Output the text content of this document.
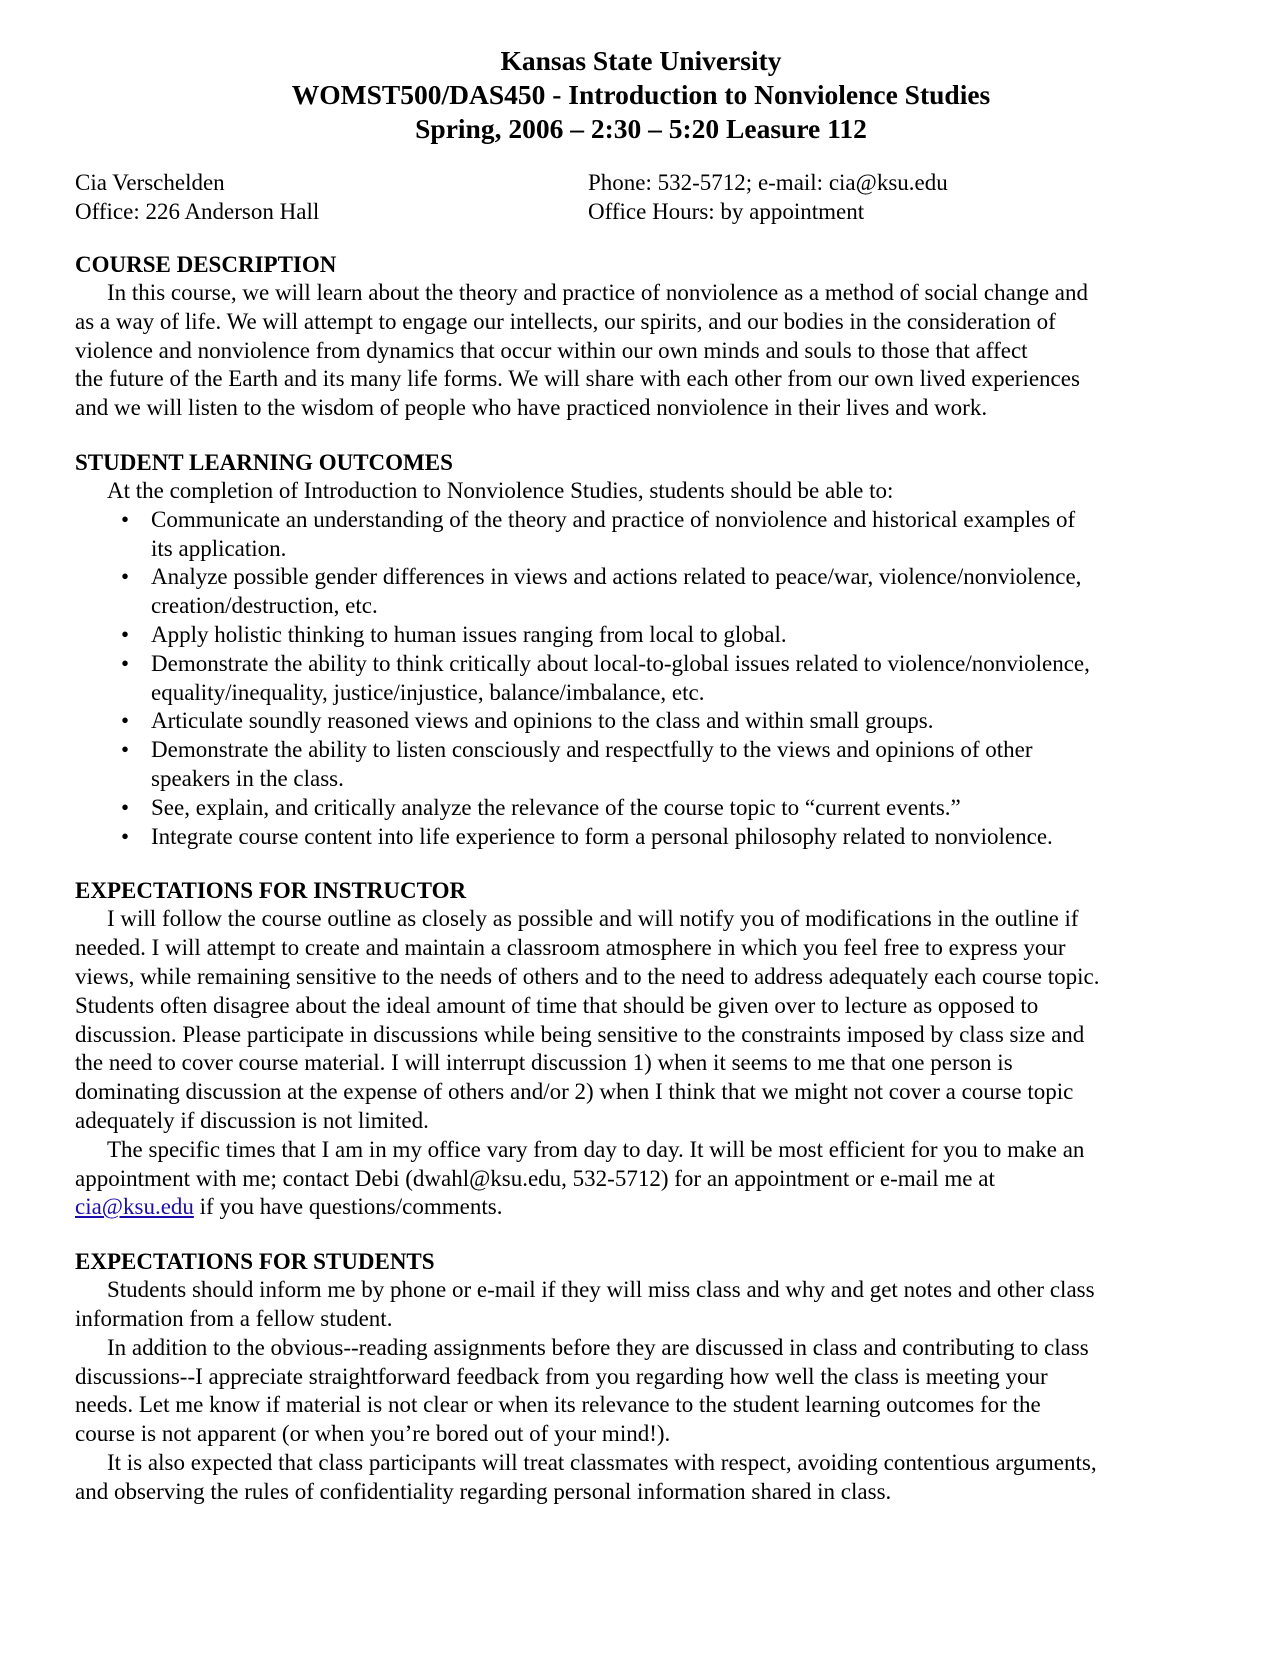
Kansas State University
WOMST500/DAS450 - Introduction to Nonviolence Studies
Spring, 2006 – 2:30 – 5:20 Leasure 112
Cia Verschelden
Office: 226 Anderson Hall
Phone: 532-5712; e-mail: cia@ksu.edu
Office Hours: by appointment
COURSE DESCRIPTION

In this course, we will learn about the theory and practice of nonviolence as a method of social change and
as a way of life. We will attempt to engage our intellects, our spirits, and our bodies in the consideration of
violence and nonviolence from dynamics that occur within our own minds and souls to those that affect
the future of the Earth and its many life forms. We will share with each other from our own lived experiences
and we will listen to the wisdom of people who have practiced nonviolence in their lives and work.

STUDENT LEARNING OUTCOMES

At the completion of Introduction to Nonviolence Studies, students should be able to:

• Communicate an understanding of the theory and practice of nonviolence and historical examples of
its application.
• Analyze possible gender differences in views and actions related to peace/war, violence/nonviolence,
creation/destruction, etc.
• Apply holistic thinking to human issues ranging from local to global.
• Demonstrate the ability to think critically about local-to-global issues related to violence/nonviolence,
equality/inequality, justice/injustice, balance/imbalance, etc.
• Articulate soundly reasoned views and opinions to the class and within small groups.
• Demonstrate the ability to listen consciously and respectfully to the views and opinions of other
speakers in the class.
• See, explain, and critically analyze the relevance of the course topic to “current events.”
• Integrate course content into life experience to form a personal philosophy related to nonviolence.
EXPECTATIONS FOR INSTRUCTOR

I will follow the course outline as closely as possible and will notify you of modifications in the outline if
needed. I will attempt to create and maintain a classroom atmosphere in which you feel free to express your
views, while remaining sensitive to the needs of others and to the need to address adequately each course topic.
Students often disagree about the ideal amount of time that should be given over to lecture as opposed to
discussion. Please participate in discussions while being sensitive to the constraints imposed by class size and
the need to cover course material. I will interrupt discussion 1) when it seems to me that one person is
dominating discussion at the expense of others and/or 2) when I think that we might not cover a course topic
adequately if discussion is not limited.
The specific times that I am in my office vary from day to day. It will be most efficient for you to make an
appointment with me; contact Debi (dwahl@ksu.edu, 532-5712) for an appointment or e-mail me at
cia@ksu.edu if you have questions/comments.

EXPECTATIONS FOR STUDENTS

Students should inform me by phone or e-mail if they will miss class and why and get notes and other class
information from a fellow student.
In addition to the obvious--reading assignments before they are discussed in class and contributing to class
discussions--I appreciate straightforward feedback from you regarding how well the class is meeting your
needs. Let me know if material is not clear or when its relevance to the student learning outcomes for the
course is not apparent (or when you’re bored out of your mind!).
It is also expected that class participants will treat classmates with respect, avoiding contentious arguments,
and observing the rules of confidentiality regarding personal information shared in class.
